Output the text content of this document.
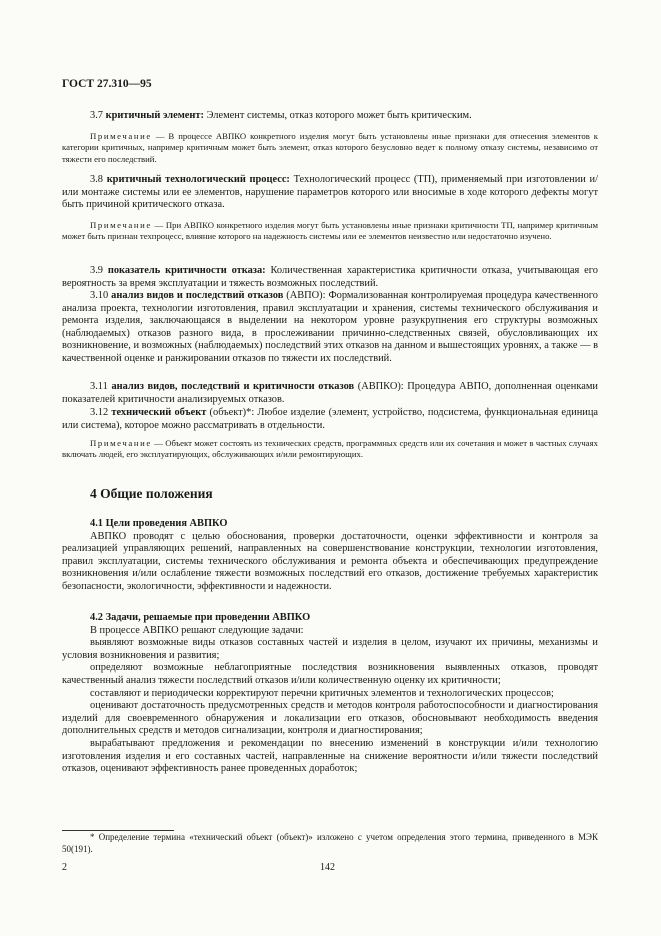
ГОСТ 27.310—95
3.7 критичный элемент: Элемент системы, отказ которого может быть критическим.
Примечание — В процессе АВПКО конкретного изделия могут быть установлены иные признаки для отнесения элементов к категории критичных, например критичным может быть элемент, отказ которого безусловно ведет к полному отказу системы, независимо от тяжести его последствий.
3.8 критичный технологический процесс: Технологический процесс (ТП), применяемый при изготовлении и/или монтаже системы или ее элементов, нарушение параметров которого или вносимые в ходе которого дефекты могут быть причиной критического отказа.
Примечание — При АВПКО конкретного изделия могут быть установлены иные признаки критичности ТП, например критичным может быть признан техпроцесс, влияние которого на надежность системы или ее элементов неизвестно или недостаточно изучено.
3.9 показатель критичности отказа: Количественная характеристика критичности отказа, учитывающая его вероятность за время эксплуатации и тяжесть возможных последствий.
3.10 анализ видов и последствий отказов (АВПО): Формализованная контролируемая процедура качественного анализа проекта, технологии изготовления, правил эксплуатации и хранения, системы технического обслуживания и ремонта изделия, заключающаяся в выделении на некотором уровне разукрупнения его структуры возможных (наблюдаемых) отказов разного вида, в прослеживании причинно-следственных связей, обусловливающих их возникновение, и возможных (наблюдаемых) последствий этих отказов на данном и вышестоящих уровнях, а также — в качественной оценке и ранжировании отказов по тяжести их последствий.
3.11 анализ видов, последствий и критичности отказов (АВПКО): Процедура АВПО, дополненная оценками показателей критичности анализируемых отказов.
3.12 технический объект (объект)*: Любое изделие (элемент, устройство, подсистема, функциональная единица или система), которое можно рассматривать в отдельности.
Примечание — Объект может состоять из технических средств, программных средств или их сочетания и может в частных случаях включать людей, его эксплуатирующих, обслуживающих и/или ремонтирующих.
4 Общие положения
4.1 Цели проведения АВПКО
АВПКО проводят с целью обоснования, проверки достаточности, оценки эффективности и контроля за реализацией управляющих решений, направленных на совершенствование конструкции, технологии изготовления, правил эксплуатации, системы технического обслуживания и ремонта объекта и обеспечивающих предупреждение возникновения и/или ослабление тяжести возможных последствий его отказов, достижение требуемых характеристик безопасности, экологичности, эффективности и надежности.
4.2 Задачи, решаемые при проведении АВПКО
В процессе АВПКО решают следующие задачи:
выявляют возможные виды отказов составных частей и изделия в целом, изучают их причины, механизмы и условия возникновения и развития;
определяют возможные неблагоприятные последствия возникновения выявленных отказов, проводят качественный анализ тяжести последствий отказов и/или количественную оценку их критичности;
составляют и периодически корректируют перечни критичных элементов и технологических процессов;
оценивают достаточность предусмотренных средств и методов контроля работоспособности и диагностирования изделий для своевременного обнаружения и локализации его отказов, обосновывают необходимость введения дополнительных средств и методов сигнализации, контроля и диагностирования;
вырабатывают предложения и рекомендации по внесению изменений в конструкции и/или технологию изготовления изделия и его составных частей, направленные на снижение вероятности и/или тяжести последствий отказов, оценивают эффективность ранее проведенных доработок;
* Определение термина «технический объект (объект)» изложено с учетом определения этого термина, приведенного в МЭК 50(191).
2	142
